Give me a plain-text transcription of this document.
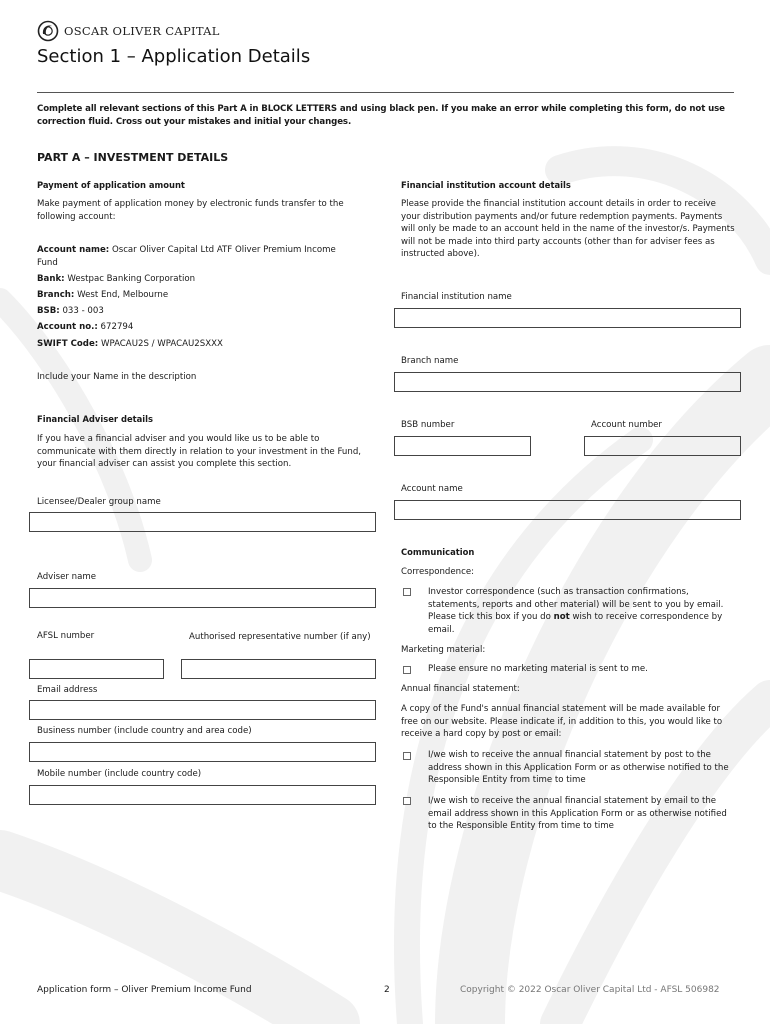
OSCAR OLIVER CAPITAL
Section 1 – Application Details
Complete all relevant sections of this Part A in BLOCK LETTERS and using black pen. If you make an error while completing this form, do not use correction fluid. Cross out your mistakes and initial your changes.
PART A – INVESTMENT DETAILS
Payment of application amount
Make payment of application money by electronic funds transfer to the following account:
Account name: Oscar Oliver Capital Ltd ATF Oliver Premium Income Fund
Bank: Westpac Banking Corporation
Branch: West End, Melbourne
BSB: 033 - 003
Account no.: 672794
SWIFT Code: WPACAU2S / WPACAU2SXXX
Include your Name in the description
Financial Adviser details
If you have a financial adviser and you would like us to be able to communicate with them directly in relation to your investment in the Fund, your financial adviser can assist you complete this section.
Licensee/Dealer group name
Adviser name
AFSL number	Authorised representative number (if any)
Email address
Business number (include country and area code)
Mobile number (include country code)
Financial institution account details
Please provide the financial institution account details in order to receive your distribution payments and/or future redemption payments. Payments will only be made to an account held in the name of the investor/s. Payments will not be made into third party accounts (other than for adviser fees as instructed above).
Financial institution name
Branch name
BSB number	Account number
Account name
Communication
Correspondence:
Investor correspondence (such as transaction confirmations, statements, reports and other material) will be sent to you by email. Please tick this box if you do not wish to receive correspondence by email.
Marketing material:
Please ensure no marketing material is sent to me.
Annual financial statement:
A copy of the Fund's annual financial statement will be made available for free on our website. Please indicate if, in addition to this, you would like to receive a hard copy by post or email:
I/we wish to receive the annual financial statement by post to the address shown in this Application Form or as otherwise notified to the Responsible Entity from time to time
I/we wish to receive the annual financial statement by email to the email address shown in this Application Form or as otherwise notified to the Responsible Entity from time to time
Application form – Oliver Premium Income Fund	2	Copyright © 2022 Oscar Oliver Capital Ltd - AFSL 506982
